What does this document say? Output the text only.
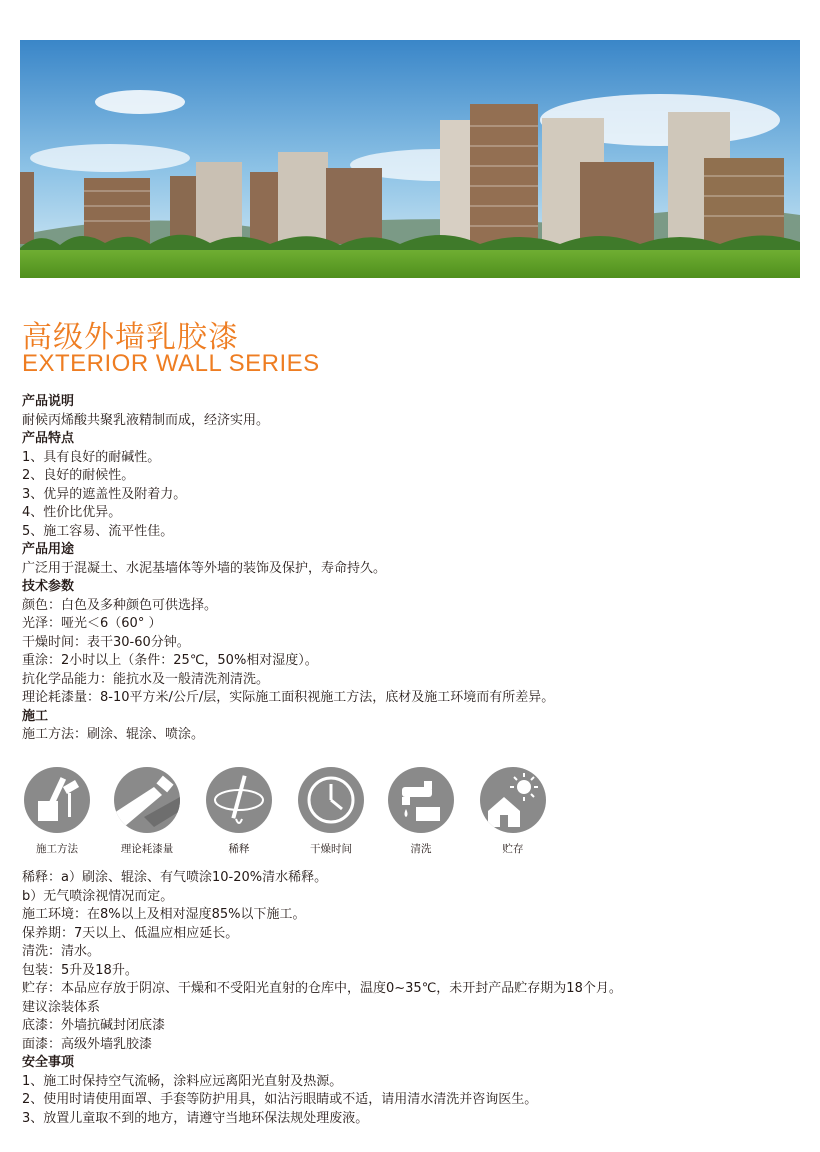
高级外墙乳胶漆
EXTERIOR WALL SERIES
产品说明
耐候丙烯酸共聚乳液精制而成，经济实用。
产品特点
1、具有良好的耐碱性。
2、良好的耐候性。
3、优异的遮盖性及附着力。
4、性价比优异。
5、施工容易、流平性佳。
产品用途
广泛用于混凝土、水泥基墙体等外墙的装饰及保护，寿命持久。
技术参数
颜色：白色及多种颜色可供选择。
光泽：哑光＜6（60° ）
干燥时间：表干30-60分钟。
重涂：2小时以上（条件：25℃，50%相对湿度）。
抗化学品能力：能抗水及一般清洗剂清洗。
理论耗漆量：8-10平方米/公斤/层，实际施工面积视施工方法，底材及施工环境而有所差异。
施工
施工方法：刷涂、辊涂、喷涂。
施工方法	理论耗漆量	稀释	干燥时间	清洗	贮存
稀释：a）刷涂、辊涂、有气喷涂10-20%清水稀释。
b）无气喷涂视情况而定。
施工环境：在8%以上及相对湿度85%以下施工。
保养期：7天以上、低温应相应延长。
清洗：清水。
包装：5升及18升。
贮存：本品应存放于阴凉、干燥和不受阳光直射的仓库中，温度0~35℃，未开封产品贮存期为18个月。
建议涂装体系
底漆：外墙抗碱封闭底漆
面漆：高级外墙乳胶漆
安全事项
1、施工时保持空气流畅，涂料应远离阳光直射及热源。
2、使用时请使用面罩、手套等防护用具，如沾污眼睛或不适，请用清水清洗并咨询医生。
3、放置儿童取不到的地方，请遵守当地环保法规处理废液。
